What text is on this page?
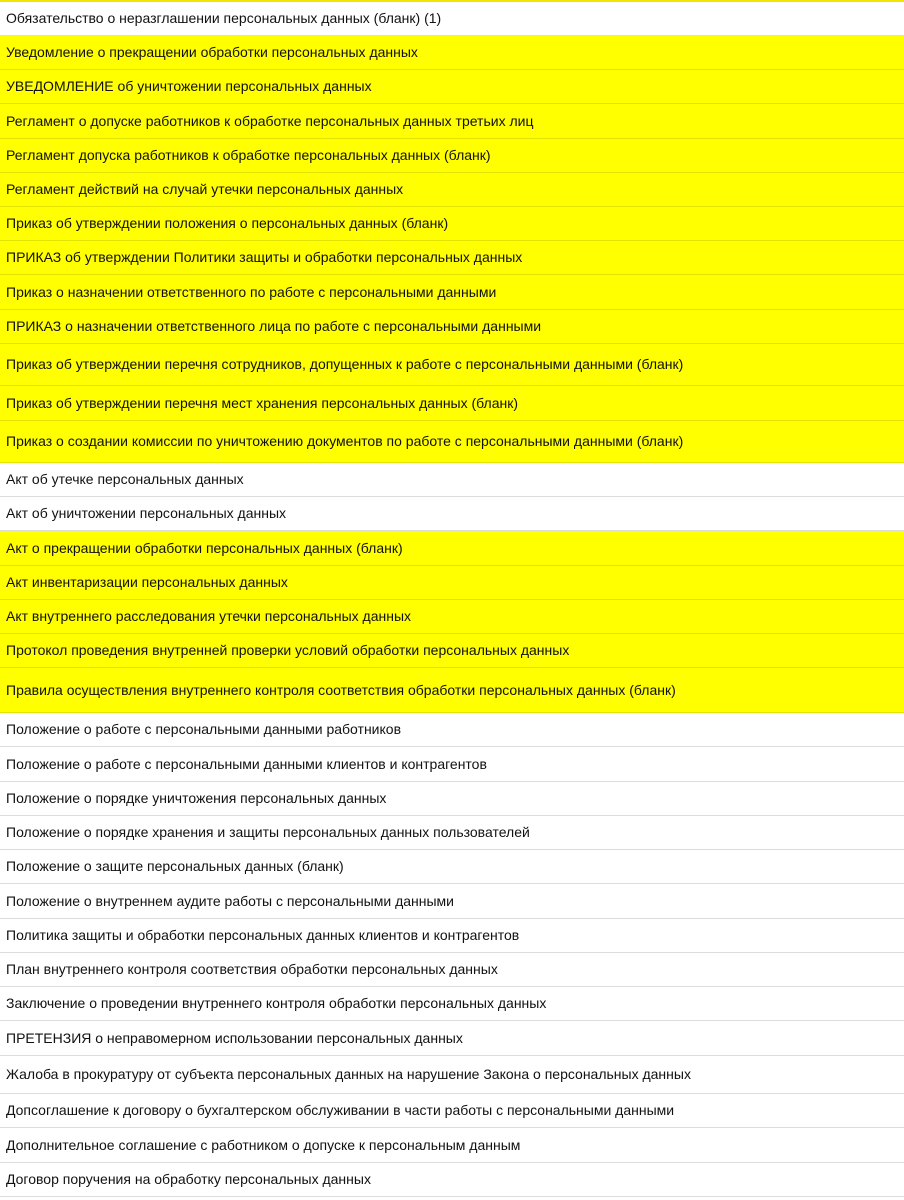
Обязательство о неразглашении персональных данных (бланк) (1)
Уведомление о прекращении обработки персональных данных
УВЕДОМЛЕНИЕ об уничтожении персональных данных
Регламент о допуске работников к обработке персональных данных третьих лиц
Регламент допуска работников к обработке персональных данных (бланк)
Регламент действий на случай утечки персональных данных
Приказ об утверждении положения о персональных данных (бланк)
ПРИКАЗ об утверждении Политики защиты и обработки персональных данных
Приказ о назначении ответственного по работе с персональными данными
ПРИКАЗ о назначении ответственного лица по работе с персональными данными
Приказ об утверждении перечня сотрудников, допущенных к работе с персональными данными (бланк)
Приказ об утверждении перечня мест хранения персональных данных (бланк)
Приказ о создании комиссии по уничтожению документов по работе с персональными данными (бланк)
Акт об утечке персональных данных
Акт об уничтожении персональных данных
Акт о прекращении обработки персональных данных (бланк)
Акт инвентаризации персональных данных
Акт внутреннего расследования утечки персональных данных
Протокол проведения внутренней проверки условий обработки персональных данных
Правила осуществления внутреннего контроля соответствия обработки персональных данных (бланк)
Положение о работе с персональными данными работников
Положение о работе с персональными данными клиентов и контрагентов
Положение о порядке уничтожения персональных данных
Положение о порядке хранения и защиты персональных данных пользователей
Положение о защите персональных данных (бланк)
Положение о внутреннем аудите работы с персональными данными
Политика защиты и обработки персональных данных клиентов и контрагентов
План внутреннего контроля соответствия обработки персональных данных
Заключение о проведении внутреннего контроля обработки персональных данных
ПРЕТЕНЗИЯ о неправомерном использовании персональных данных
Жалоба в прокуратуру от субъекта персональных данных на нарушение Закона о персональных данных
Допсоглашение к договору о бухгалтерском обслуживании в части работы с персональными данными
Дополнительное соглашение с работником о допуске к персональным данным
Договор поручения на обработку персональных данных
